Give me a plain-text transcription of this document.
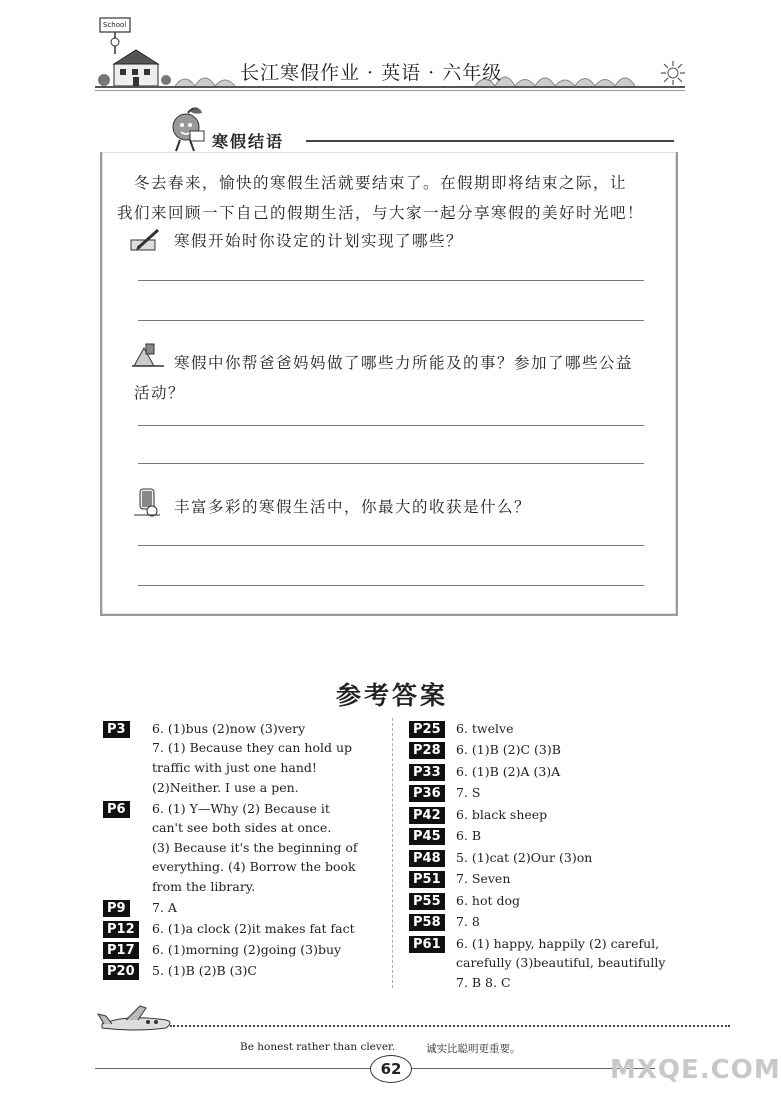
School
长江寒假作业 · 英语 · 六年级
寒假结语
冬去春来，愉快的寒假生活就要结束了。在假期即将结束之际，让
我们来回顾一下自己的假期生活，与大家一起分享寒假的美好时光吧！
寒假开始时你设定的计划实现了哪些？
寒假中你帮爸爸妈妈做了哪些力所能及的事？参加了哪些公益
活动？
丰富多彩的寒假生活中，你最大的收获是什么？
参考答案
P3	6. (1)bus (2)now (3)very
7. (1) Because they can hold up
traffic with just one hand!
(2)Neither. I use a pen.
P6	6. (1) Y—Why (2) Because it
can't see both sides at once.
(3) Because it's the beginning of
everything. (4) Borrow the book
from the library.
P9	7. A
P12	6. (1)a clock (2)it makes fat fact
P17	6. (1)morning (2)going (3)buy
P20	5. (1)B (2)B (3)C
P25	6. twelve
P28	6. (1)B (2)C (3)B
P33	6. (1)B (2)A (3)A
P36	7. S
P42	6. black sheep
P45	6. B
P48	5. (1)cat (2)Our (3)on
P51	7. Seven
P55	6. hot dog
P58	7. 8
P61	6. (1) happy, happily (2) careful,
carefully (3)beautiful, beautifully
7. B 8. C
Be honest rather than clever.	诚实比聪明更重要。
62	MXQE.COM
